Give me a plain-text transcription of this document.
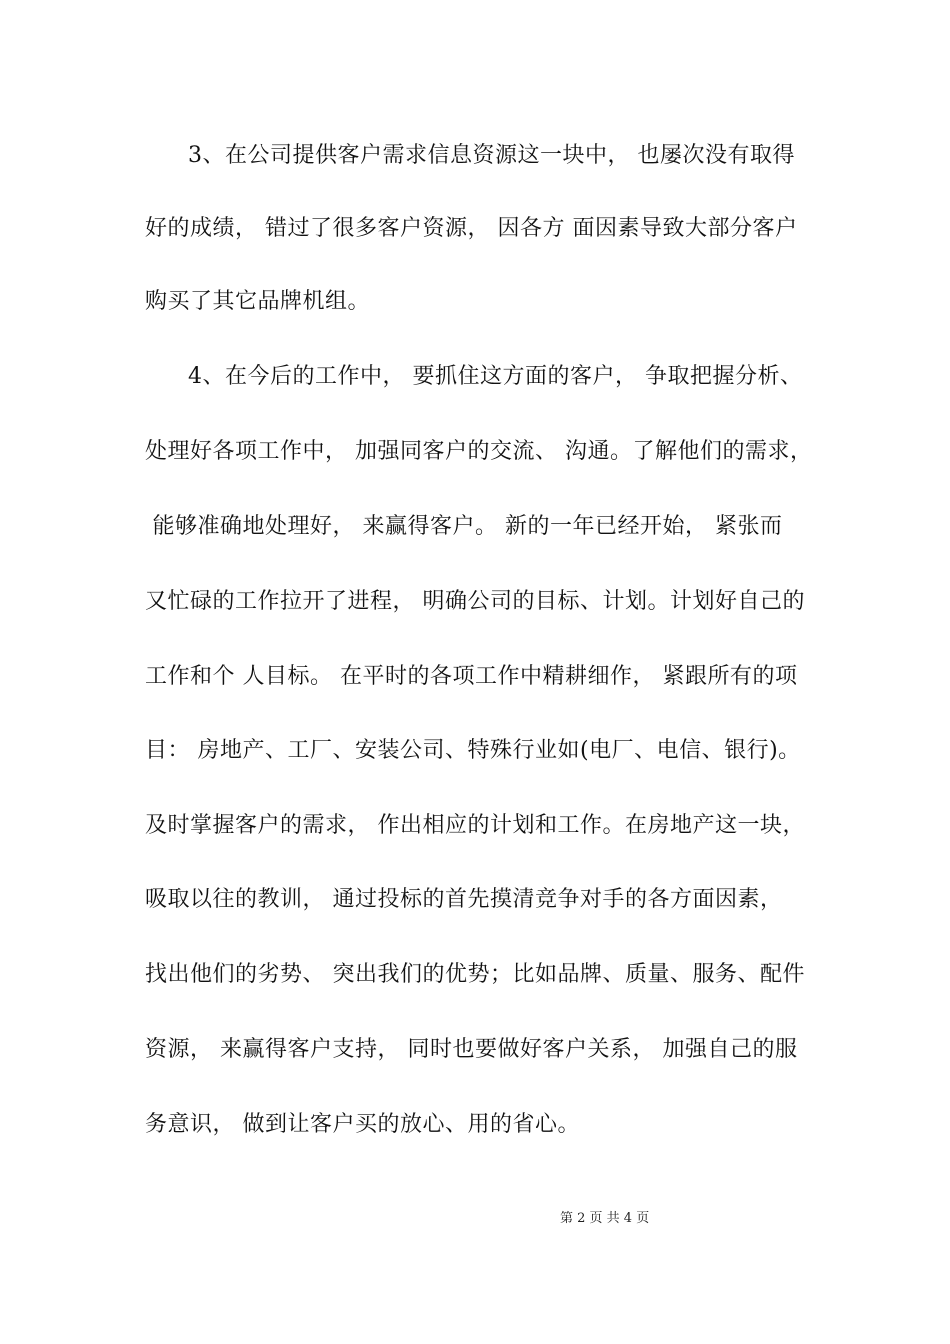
3、在公司提供客户需求信息资源这一块中， 也屡次没有取得
好的成绩， 错过了很多客户资源， 因各方 面因素导致大部分客户
购买了其它品牌机组。
4、在今后的工作中， 要抓住这方面的客户， 争取把握分析、
处理好各项工作中， 加强同客户的交流、 沟通。了解他们的需求，
能够准确地处理好， 来赢得客户。 新的一年已经开始， 紧张而
又忙碌的工作拉开了进程， 明确公司的目标、计划。计划好自己的
工作和个 人目标。 在平时的各项工作中精耕细作， 紧跟所有的项
目： 房地产、工厂、安装公司、特殊行业如(电厂、电信、银行)。
及时掌握客户的需求， 作出相应的计划和工作。在房地产这一块，
吸取以往的教训， 通过投标的首先摸清竞争对手的各方面因素，
找出他们的劣势、 突出我们的优势；比如品牌、质量、服务、配件
资源， 来赢得客户支持， 同时也要做好客户关系， 加强自己的服
务意识， 做到让客户买的放心、用的省心。
第 2 页 共 4 页
